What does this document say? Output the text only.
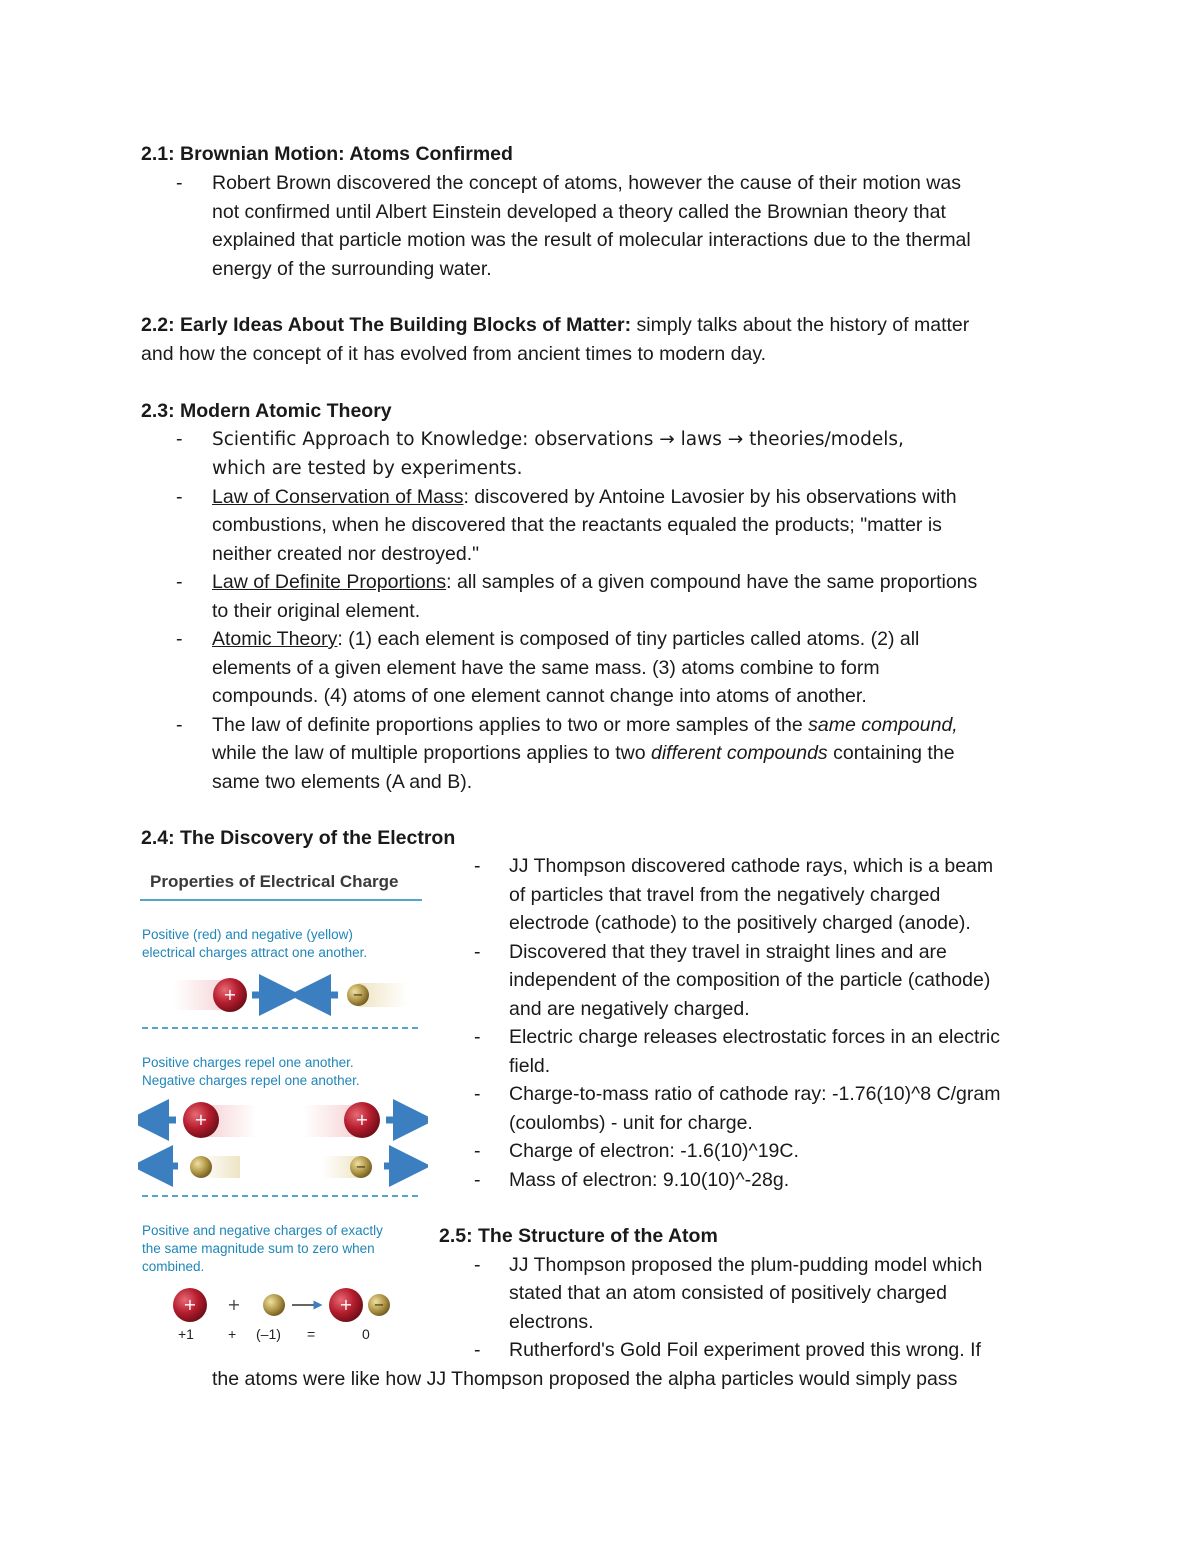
2.1: Brownian Motion: Atoms Confirmed
- Robert Brown discovered the concept of atoms, however the cause of their motion was
not confirmed until Albert Einstein developed a theory called the Brownian theory that
explained that particle motion was the result of molecular interactions due to the thermal
energy of the surrounding water.
2.2: Early Ideas About The Building Blocks of Matter: simply talks about the history of matter
and how the concept of it has evolved from ancient times to modern day.
2.3: Modern Atomic Theory
- Scientific Approach to Knowledge: observations → laws → theories/models,
which are tested by experiments.
- Law of Conservation of Mass: discovered by Antoine Lavosier by his observations with
combustions, when he discovered that the reactants equaled the products; "matter is
neither created nor destroyed."
- Law of Definite Proportions: all samples of a given compound have the same proportions
to their original element.
- Atomic Theory: (1) each element is composed of tiny particles called atoms. (2) all
elements of a given element have the same mass. (3) atoms combine to form
compounds. (4) atoms of one element cannot change into atoms of another.
- The law of definite proportions applies to two or more samples of the same compound,
while the law of multiple proportions applies to two different compounds containing the
same two elements (A and B).
2.4: The Discovery of the Electron
- JJ Thompson discovered cathode rays, which is a beam
of particles that travel from the negatively charged
electrode (cathode) to the positively charged (anode).
- Discovered that they travel in straight lines and are
independent of the composition of the particle (cathode)
and are negatively charged.
- Electric charge releases electrostatic forces in an electric
field.
- Charge-to-mass ratio of cathode ray: -1.76(10)^8 C/gram
(coulombs) - unit for charge.
- Charge of electron: -1.6(10)^19C.
- Mass of electron: 9.10(10)^-28g.
2.5: The Structure of the Atom
- JJ Thompson proposed the plum-pudding model which
stated that an atom consisted of positively charged
electrons.
- Rutherford's Gold Foil experiment proved this wrong. If
the atoms were like how JJ Thompson proposed the alpha particles would simply pass
Properties of Electrical Charge
Positive (red) and negative (yellow)
electrical charges attract one another.
Positive charges repel one another.
Negative charges repel one another.
Positive and negative charges of exactly
the same magnitude sum to zero when
combined.
+	−
+	+
−
+ +	+ −
+1 + (–1) =	0
